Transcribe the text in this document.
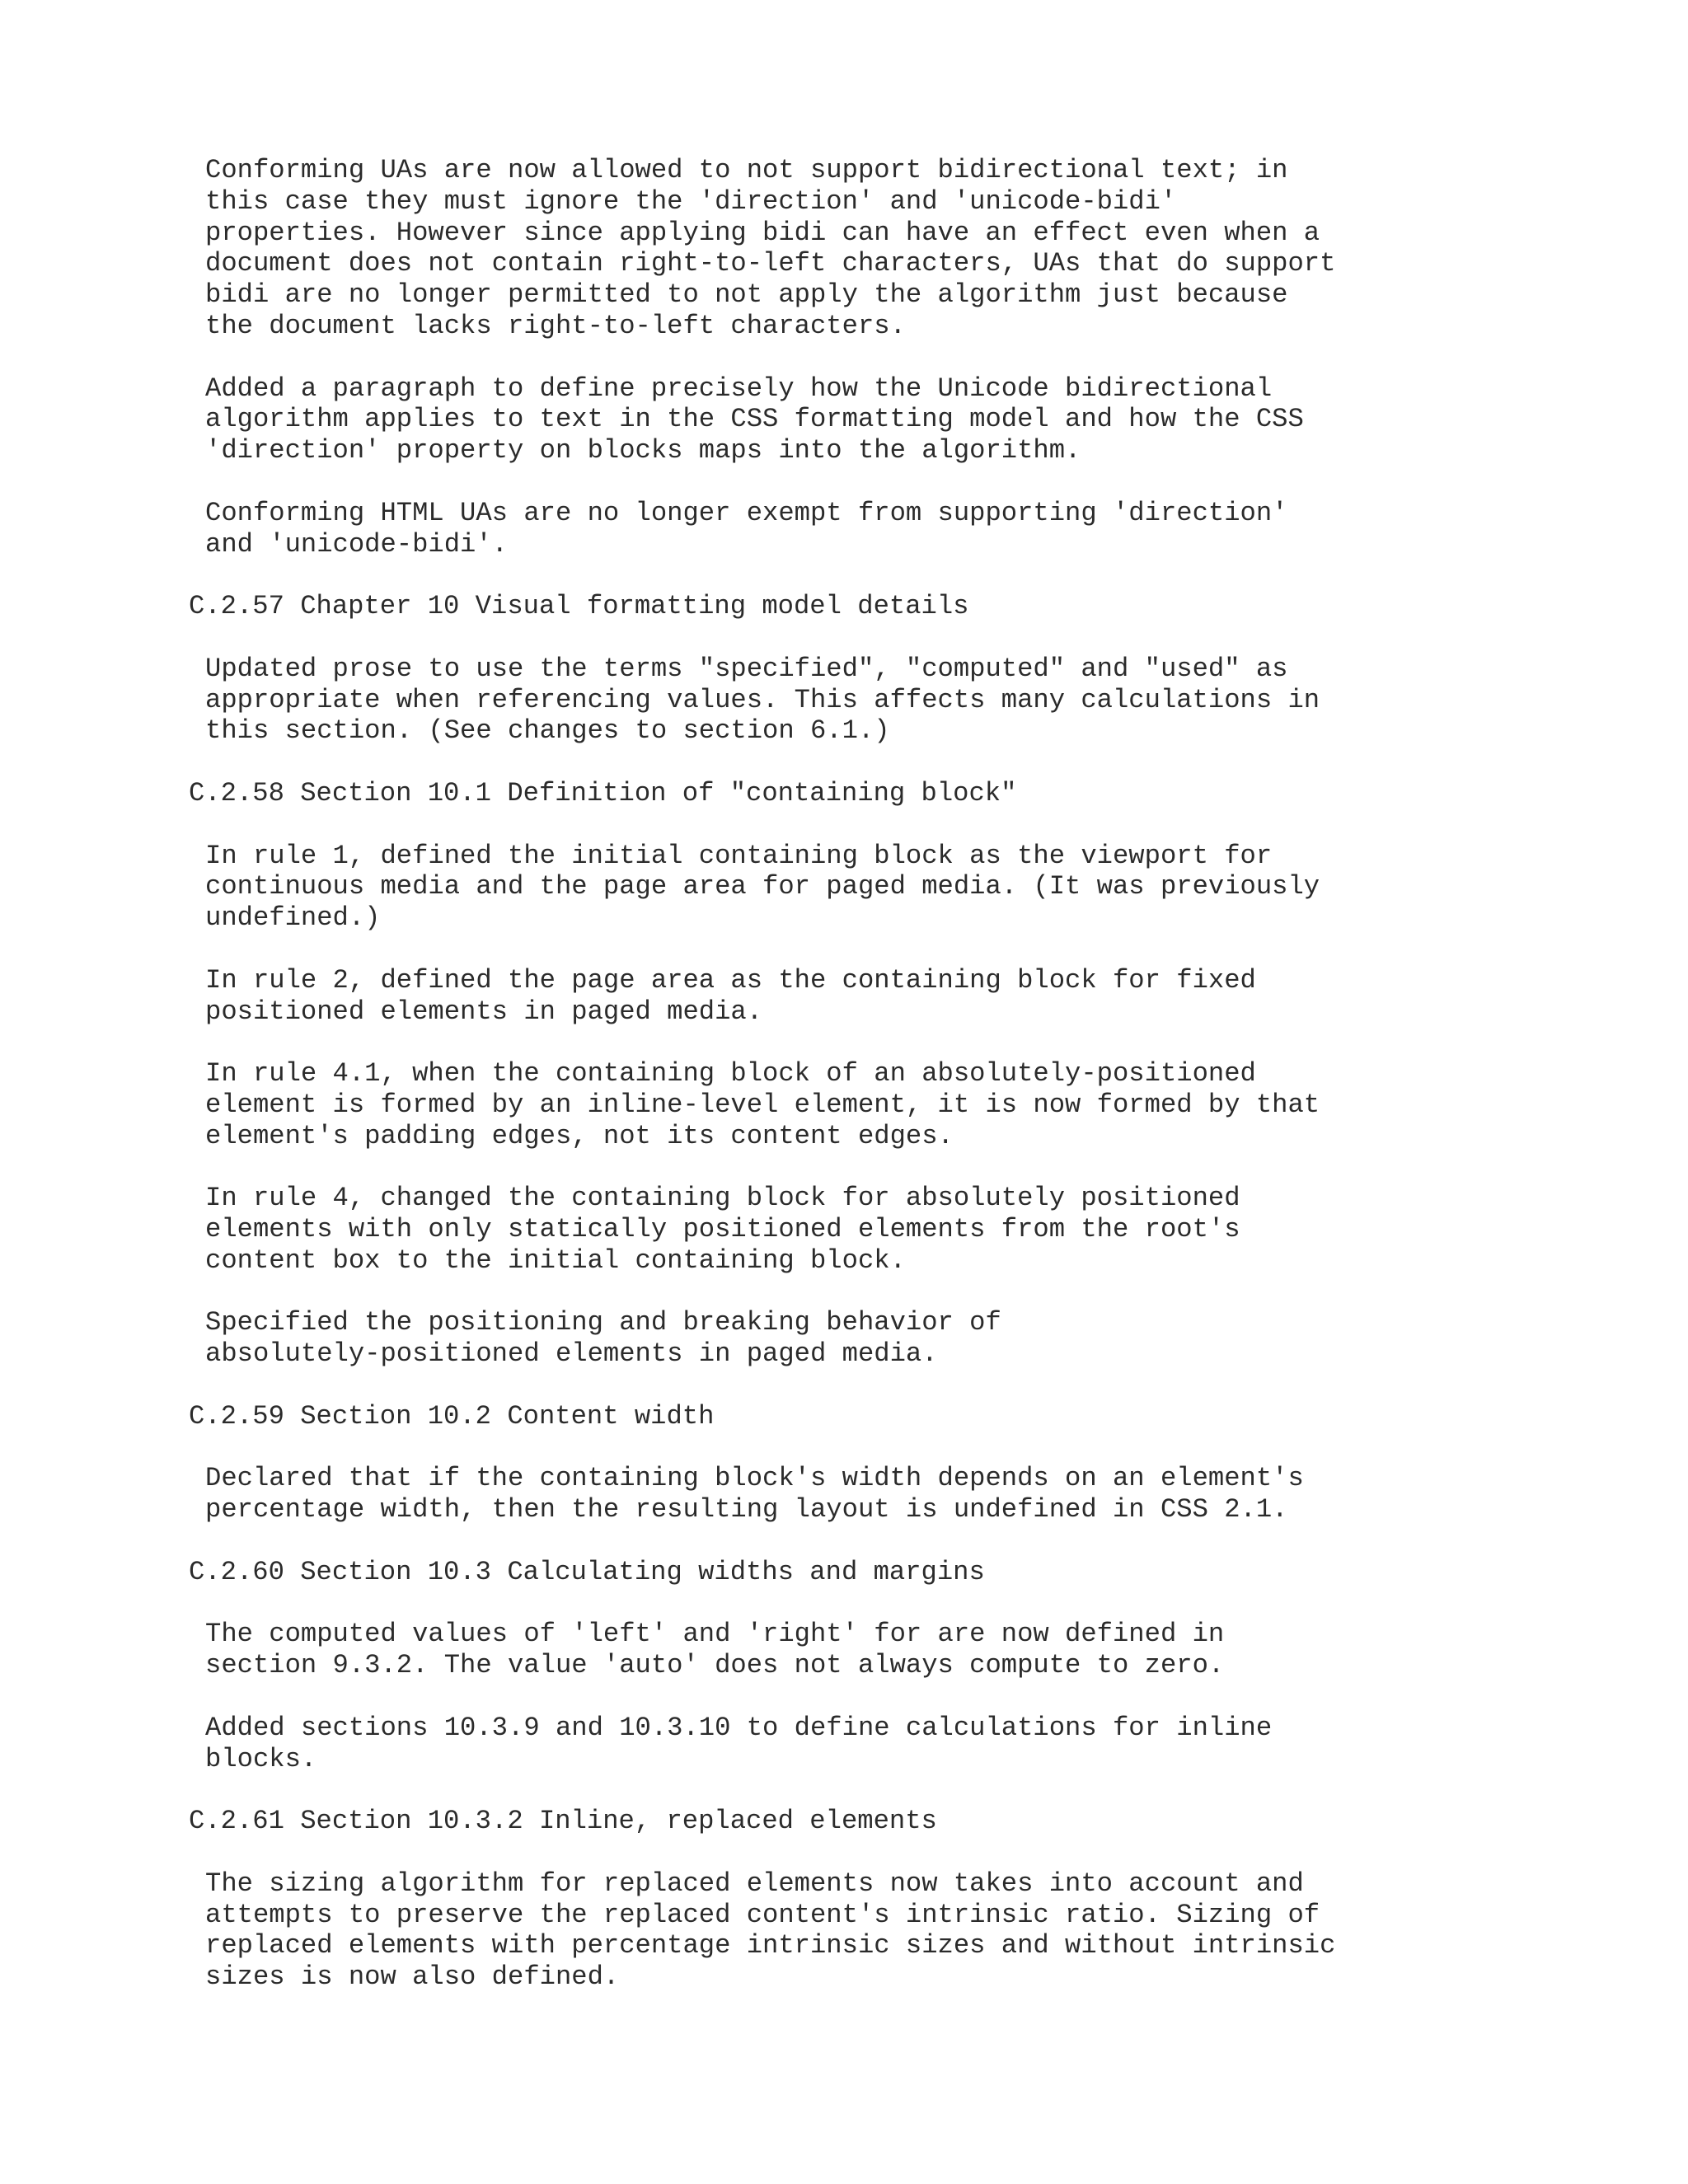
Conforming UAs are now allowed to not support bidirectional text; in
this case they must ignore the 'direction' and 'unicode-bidi'
properties. However since applying bidi can have an effect even when a
document does not contain right-to-left characters, UAs that do support
bidi are no longer permitted to not apply the algorithm just because
the document lacks right-to-left characters.

Added a paragraph to define precisely how the Unicode bidirectional
algorithm applies to text in the CSS formatting model and how the CSS
'direction' property on blocks maps into the algorithm.

Conforming HTML UAs are no longer exempt from supporting 'direction'
and 'unicode-bidi'.

C.2.57 Chapter 10 Visual formatting model details

Updated prose to use the terms "specified", "computed" and "used" as
appropriate when referencing values. This affects many calculations in
this section. (See changes to section 6.1.)

C.2.58 Section 10.1 Definition of "containing block"

In rule 1, defined the initial containing block as the viewport for
continuous media and the page area for paged media. (It was previously
undefined.)

In rule 2, defined the page area as the containing block for fixed
positioned elements in paged media.

In rule 4.1, when the containing block of an absolutely-positioned
element is formed by an inline-level element, it is now formed by that
element's padding edges, not its content edges.

In rule 4, changed the containing block for absolutely positioned
elements with only statically positioned elements from the root's
content box to the initial containing block.

Specified the positioning and breaking behavior of
absolutely-positioned elements in paged media.

C.2.59 Section 10.2 Content width

Declared that if the containing block's width depends on an element's
percentage width, then the resulting layout is undefined in CSS 2.1.

C.2.60 Section 10.3 Calculating widths and margins

The computed values of 'left' and 'right' for are now defined in
section 9.3.2. The value 'auto' does not always compute to zero.

Added sections 10.3.9 and 10.3.10 to define calculations for inline
blocks.

C.2.61 Section 10.3.2 Inline, replaced elements

The sizing algorithm for replaced elements now takes into account and
attempts to preserve the replaced content's intrinsic ratio. Sizing of
replaced elements with percentage intrinsic sizes and without intrinsic
sizes is now also defined.
